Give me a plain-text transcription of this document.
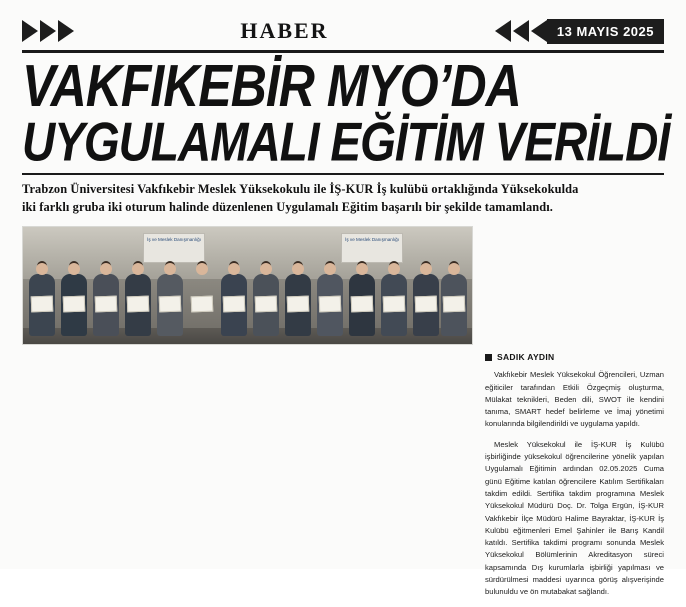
HABER	13 MAYIS 2025
VAKFIKEBİR MYO’DA
UYGULAMALI EĞİTİM VERİLDİ
Trabzon Üniversitesi Vakfıkebir Meslek Yüksekokulu ile İŞ-KUR İş kulübü ortaklığında Yüksekokulda
iki farklı gruba iki oturum halinde düzenlenen Uygulamalı Eğitim başarılı bir şekilde tamamlandı.
İş ve Meslek Danışmanlığı	İş ve Meslek Danışmanlığı
SADIK AYDIN

Vakfıkebir Meslek Yüksekokul Öğrencileri, Uzman eğiticiler tarafından Etkili Özgeçmiş oluşturma, Mülakat teknikleri, Beden dili, SWOT ile kendini tanıma, SMART hedef belirleme ve İmaj yönetimi konularında bilgilendirildi ve uygulama yapıldı.

Meslek Yüksekokul ile İŞ-KUR İş Kulübü işbirliğinde yüksekokul öğrencilerine yönelik yapılan Uygulamalı Eğitimin ardından 02.05.2025 Cuma günü Eğitime katılan öğrencilere Katılım Sertifikaları takdim edildi. Sertifika takdim programına Meslek Yüksekokul Müdürü Doç. Dr. Tolga Ergün, İŞ-KUR Vakfıkebir İlçe Müdürü Halime Bayraktar, İŞ-KUR İş Kulübü eğitmenleri Emel Şahinler ile Barış Kandil katıldı. Sertifika takdimi programı sonunda Meslek Yüksekokul Bölümlerinin Akreditasyon süreci kapsamında Dış kurumlarla işbirliği yapılması ve sürdürülmesi maddesi uyarınca görüş alışverişinde bulunuldu ve ön mutabakat sağlandı.
